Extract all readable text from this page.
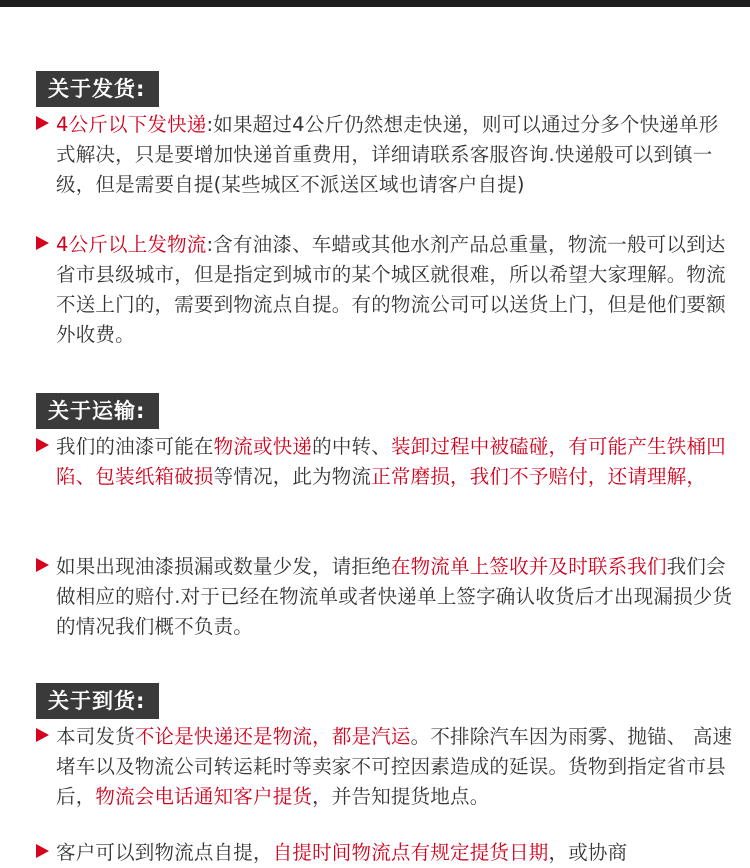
关于发货:
4公斤以下发快递:如果超过4公斤仍然想走快递，则可以通过分多个快递单形式解决，只是要增加快递首重费用，详细请联系客服咨询.快递般可以到镇一级，但是需要自提(某些城区不派送区域也请客户自提)
4公斤以上发物流:含有油漆、车蜡或其他水剂产品总重量，物流一般可以到达省市县级城市，但是指定到城市的某个城区就很难，所以希望大家理解。物流不送上门的，需要到物流点自提。有的物流公司可以送货上门，但是他们要额外收费。
关于运输:
我们的油漆可能在物流或快递的中转、装卸过程中被磕碰，有可能产生铁桶凹陷、包装纸箱破损等情况，此为物流正常磨损，我们不予赔付，还请理解，
如果出现油漆损漏或数量少发，请拒绝在物流单上签收并及时联系我们我们会做相应的赔付.对于已经在物流单或者快递单上签字确认收货后才出现漏损少货的情况我们概不负责。
关于到货:
本司发货不论是快递还是物流，都是汽运。不排除汽车因为雨雾、抛锚、 高速堵车以及物流公司转运耗时等卖家不可控因素造成的延误。货物到指定省市县后，物流会电话通知客户提货，并告知提货地点。
客户可以到物流点自提，自提时间物流点有规定提货日期，或协商
